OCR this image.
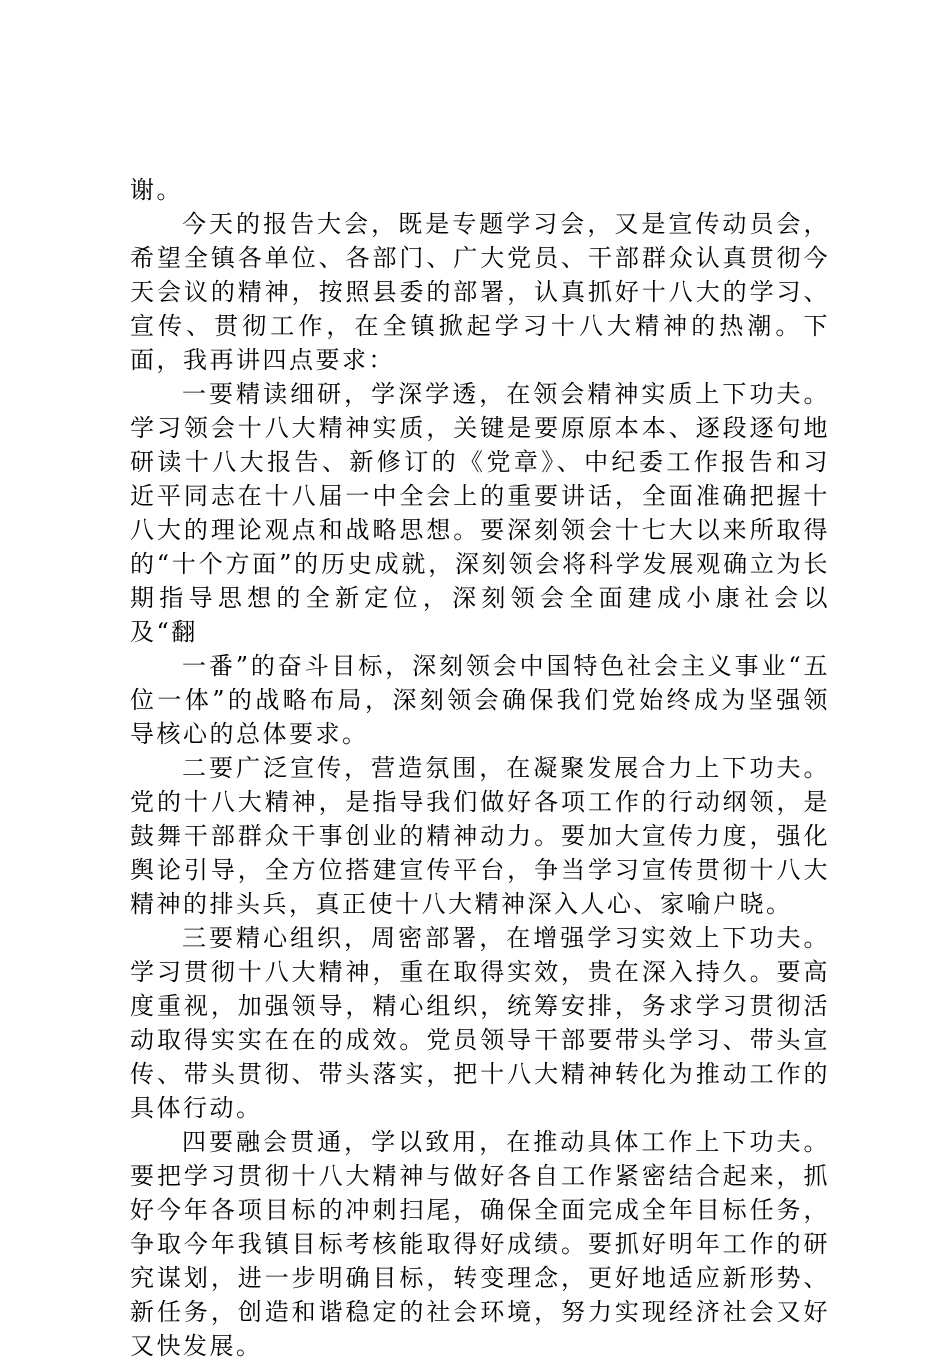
谢。

今天的报告大会，既是专题学习会，又是宣传动员会，希望全镇各单位、各部门、广大党员、干部群众认真贯彻今天会议的精神，按照县委的部署，认真抓好十八大的学习、宣传、贯彻工作，在全镇掀起学习十八大精神的热潮。下面，我再讲四点要求：

一要精读细研，学深学透，在领会精神实质上下功夫。学习领会十八大精神实质，关键是要原原本本、逐段逐句地研读十八大报告、新修订的《党章》、中纪委工作报告和习近平同志在十八届一中全会上的重要讲话，全面准确把握十八大的理论观点和战略思想。要深刻领会十七大以来所取得的“十个方面”的历史成就，深刻领会将科学发展观确立为长期指导思想的全新定位，深刻领会全面建成小康社会以及“翻

一番”的奋斗目标，深刻领会中国特色社会主义事业“五位一体”的战略布局，深刻领会确保我们党始终成为坚强领导核心的总体要求。

二要广泛宣传，营造氛围，在凝聚发展合力上下功夫。党的十八大精神，是指导我们做好各项工作的行动纲领，是鼓舞干部群众干事创业的精神动力。要加大宣传力度，强化舆论引导，全方位搭建宣传平台，争当学习宣传贯彻十八大精神的排头兵，真正使十八大精神深入人心、家喻户晓。

三要精心组织，周密部署，在增强学习实效上下功夫。学习贯彻十八大精神，重在取得实效，贵在深入持久。要高度重视，加强领导，精心组织，统筹安排，务求学习贯彻活动取得实实在在的成效。党员领导干部要带头学习、带头宣传、带头贯彻、带头落实，把十八大精神转化为推动工作的具体行动。

四要融会贯通，学以致用，在推动具体工作上下功夫。要把学习贯彻十八大精神与做好各自工作紧密结合起来，抓好今年各项目标的冲刺扫尾，确保全面完成全年目标任务，争取今年我镇目标考核能取得好成绩。要抓好明年工作的研究谋划，进一步明确目标，转变理念，更好地适应新形势、新任务，创造和谐稳定的社会环境，努力实现经济社会又好又快发展。
